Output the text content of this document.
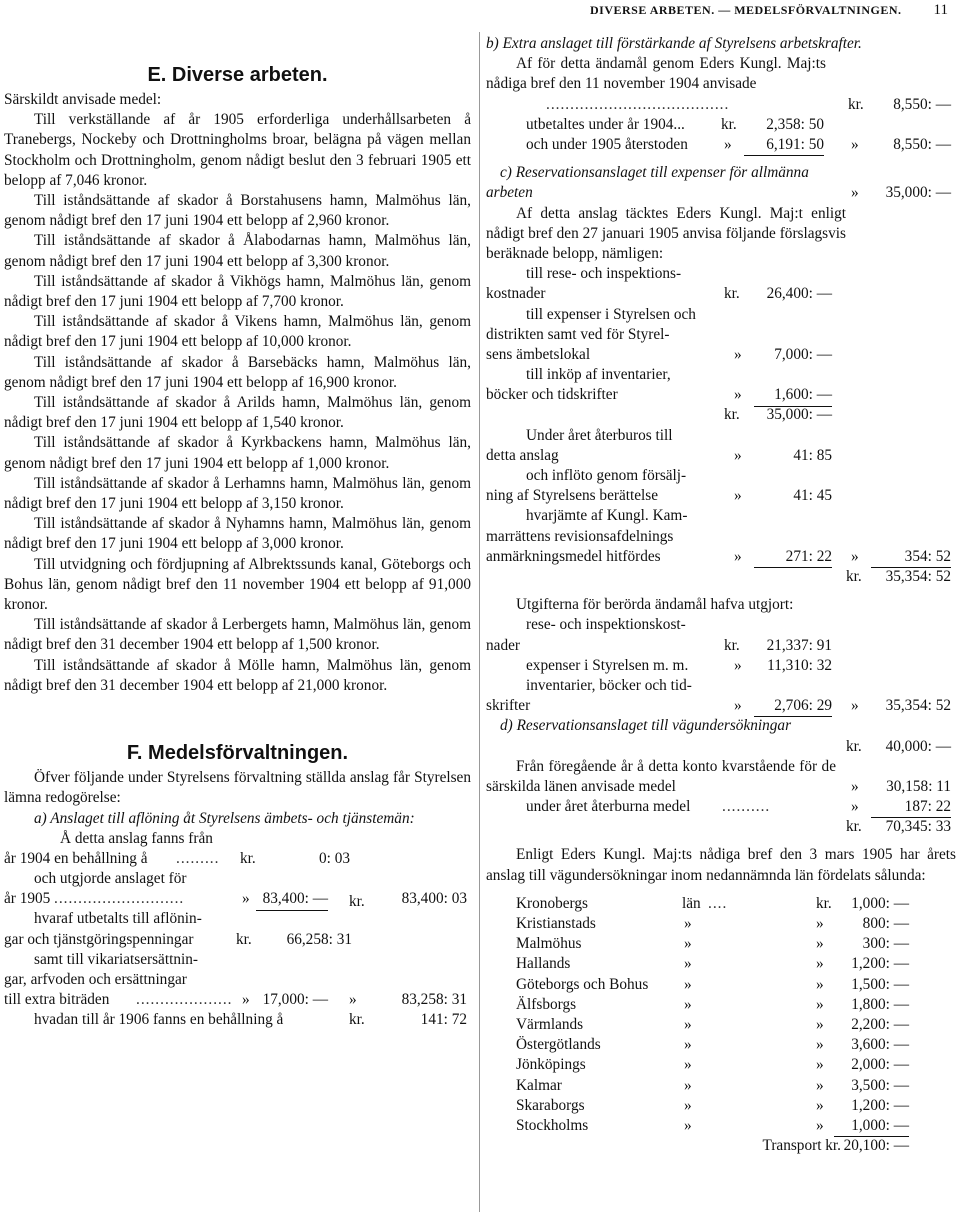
DIVERSE ARBETEN. — MEDELSFÖRVALTNINGEN. 11
E. Diverse arbeten.

Särskildt anvisade medel:

Till verkställande af år 1905 erforderliga underhållsarbeten å Tranebergs, Nockeby och Drottningholms broar, belägna på vägen mellan Stockholm och Drottningholm, genom nådigt beslut den 3 februari 1905 ett belopp af 7,046 kronor.

Till iståndsättande af skador å Borstahusens hamn, Malmöhus län, genom nådigt bref den 17 juni 1904 ett belopp af 2,960 kronor.

Till iståndsättande af skador å Ålabodarnas hamn, Malmöhus län, genom nådigt bref den 17 juni 1904 ett belopp af 3,300 kronor.

Till iståndsättande af skador å Vikhögs hamn, Malmöhus län, genom nådigt bref den 17 juni 1904 ett belopp af 7,700 kronor.

Till iståndsättande af skador å Vikens hamn, Malmöhus län, genom nådigt bref den 17 juni 1904 ett belopp af 10,000 kronor.

Till iståndsättande af skador å Barsebäcks hamn, Malmöhus län, genom nådigt bref den 17 juni 1904 ett belopp af 16,900 kronor.

Till iståndsättande af skador å Arilds hamn, Malmöhus län, genom nådigt bref den 17 juni 1904 ett belopp af 1,540 kronor.

Till iståndsättande af skador å Kyrkbackens hamn, Malmöhus län, genom nådigt bref den 17 juni 1904 ett belopp af 1,000 kronor.

Till iståndsättande af skador å Lerhamns hamn, Malmöhus län, genom nådigt bref den 17 juni 1904 ett belopp af 3,150 kronor.

Till iståndsättande af skador å Nyhamns hamn, Malmöhus län, genom nådigt bref den 17 juni 1904 ett belopp af 3,000 kronor.

Till utvidgning och fördjupning af Albrektssunds kanal, Göteborgs och Bohus län, genom nådigt bref den 11 november 1904 ett belopp af 91,000 kronor.

Till iståndsättande af skador å Lerbergets hamn, Malmöhus län, genom nådigt bref den 31 december 1904 ett belopp af 1,500 kronor.

Till iståndsättande af skador å Mölle hamn, Malmöhus län, genom nådigt bref den 31 december 1904 ett belopp af 21,000 kronor.

F. Medelsförvaltningen.

Öfver följande under Styrelsens förvaltning ställda anslag får Styrelsen lämna redogörelse:

a) Anslaget till aflöning åt Styrelsens ämbets- och tjänstemän:

Å detta anslag fanns från

år 1904 en behållning å ......... kr.	0: 03

och utgjorde anslaget för

år 1905 ...........................	» 83,400: — kr.	83,400: 03

hvaraf utbetalts till aflönin-

gar och tjänstgöringspenningar	kr.	66,258: 31

samt till vikariatsersättnin-

gar, arfvoden och ersättningar

till extra biträden .................... » 17,000: — »	83,258: 31
hvadan till år 1906 fanns en behållning å	kr.	141: 72

b) Extra anslaget till förstärkande af Styrelsens arbetskrafter.

Af för detta ändamål genom Eders Kungl. Maj:ts nådiga bref den 11 november 1904 anvisade

......................................	kr.	8,550: —
utbetaltes under år 1904... kr.	2,358: 50
och under 1905 återstoden »	6,191: 50 »	8,550: —
c) Reservationsanslaget till expenser för allmänna arbeten	»	35,000: —

Af detta anslag täcktes Eders Kungl. Maj:t enligt nådigt bref den 27 januari 1905 anvisa följande förslagsvis beräknade belopp, nämligen:

till rese- och inspektions-
kostnader	kr.	26,400: —
till expenser i Styrelsen och
distrikten samt ved för Styrel-
sens ämbetslokal	»	7,000: —
till inköp af inventarier,
böcker och tidskrifter	»	1,600: —
kr.	35,000: —
Under året återburos till
detta anslag	»	41: 85
och inflöto genom försälj-
ning af Styrelsens berättelse	»	41: 45
hvarjämte af Kungl. Kam-
marrättens revisionsafdelnings
anmärkningsmedel hitfördes	»	271: 22 »	354: 52
kr.	35,354: 52

Utgifterna för berörda ändamål hafva utgjort:

rese- och inspektionskost-
nader	kr.	21,337: 91
expenser i Styrelsen m. m.	»	11,310: 32
inventarier, böcker och tid-
skrifter	»	2,706: 29 »	35,354: 52
d) Reservationsanslaget till vägundersökningar
kr.	40,000: —

Från föregående år å detta konto kvarstående för de särskilda länen anvisade medel	»	30,158: 11
under året återburna medel ..........	»	187: 22
kr.	70,345: 33

Enligt Eders Kungl. Maj:ts nådiga bref den 3 mars 1905 har årets anslag till vägundersökningar inom nedannämnda län fördelats sålunda:

Kronobergs	län ....	kr.	1,000: —
Kristianstads	»	»	800: —
Malmöhus	»	»	300: —
Hallands	»	»	1,200: —
Göteborgs och Bohus »	»	1,500: —
Älfsborgs	»	»	1,800: —
Värmlands	»	»	2,200: —
Östergötlands	»	»	3,600: —
Jönköpings	»	»	2,000: —
Kalmar	»	»	3,500: —
Skaraborgs	»	»	1,200: —
Stockholms	»	»	1,000: —
Transport kr. 20,100: —
